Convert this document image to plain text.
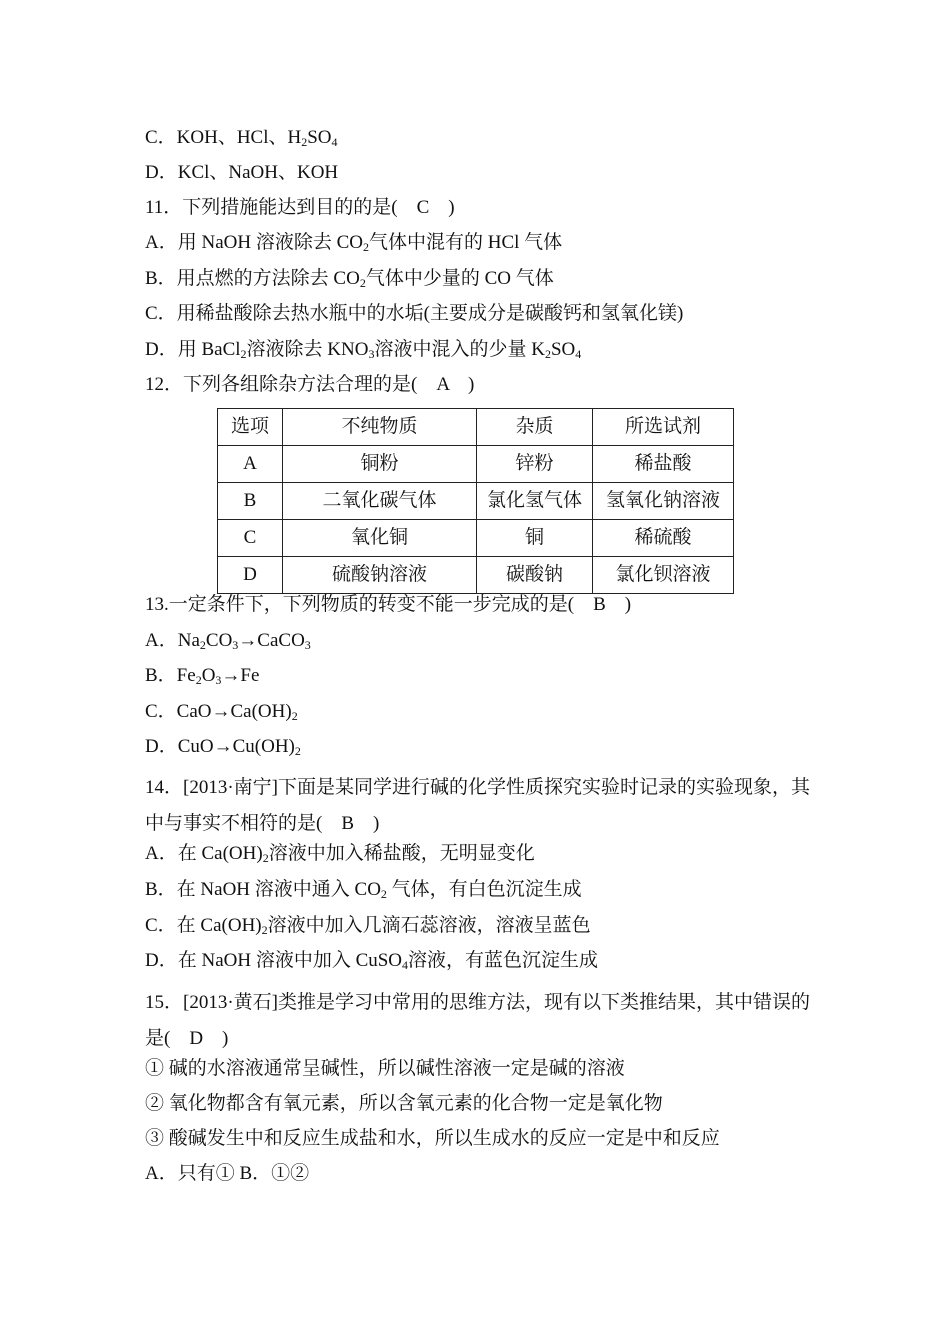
C．KOH、HCl、$H_2SO_4$
D．KCl、NaOH、KOH
11．下列措施能达到目的的是(　C　)
A．用 NaOH 溶液除去 $CO_2$气体中混有的 HCl 气体
B．用点燃的方法除去 $CO_2$气体中少量的 CO 气体
C．用稀盐酸除去热水瓶中的水垢(主要成分是碳酸钙和氢氧化镁)
D．用 BaCl$_2$溶液除去 $KNO_3$溶液中混入的少量 $K_2SO_4$
12．下列各组除杂方法合理的是(　A　)
选项	不纯物质	杂质	所选试剂
A	铜粉	锌粉	稀盐酸
B	二氧化碳气体	氯化氢气体	氢氧化钠溶液
C	氧化铜	铜	稀硫酸
D	硫酸钠溶液	碳酸钠	氯化钡溶液
13.一定条件下，下列物质的转变不能一步完成的是(　B　)
A．$Na_2CO_3\to CaCO_3$
B．$Fe_2O_3\to Fe$
C．$CaO\to Ca(OH)_2$
D．$CuO\to Cu(OH)_2$
14．[2013·南宁]下面是某同学进行碱的化学性质探究实验时记录的实验现象，其中与事实不相符的是(　B　)
A．在 $Ca(OH)_2$溶液中加入稀盐酸，无明显变化
B．在 NaOH 溶液中通入 $CO_2$ 气体，有白色沉淀生成
C．在 $Ca(OH)_2$溶液中加入几滴石蕊溶液，溶液呈蓝色
D．在 NaOH 溶液中加入 CuSO$_4$溶液，有蓝色沉淀生成
15．[2013·黄石]类推是学习中常用的思维方法，现有以下类推结果，其中错误的是(　D　)
① 碱的水溶液通常呈碱性，所以碱性溶液一定是碱的溶液
② 氧化物都含有氧元素，所以含氧元素的化合物一定是氧化物
③ 酸碱发生中和反应生成盐和水，所以生成水的反应一定是中和反应
A．只有① B．①②
